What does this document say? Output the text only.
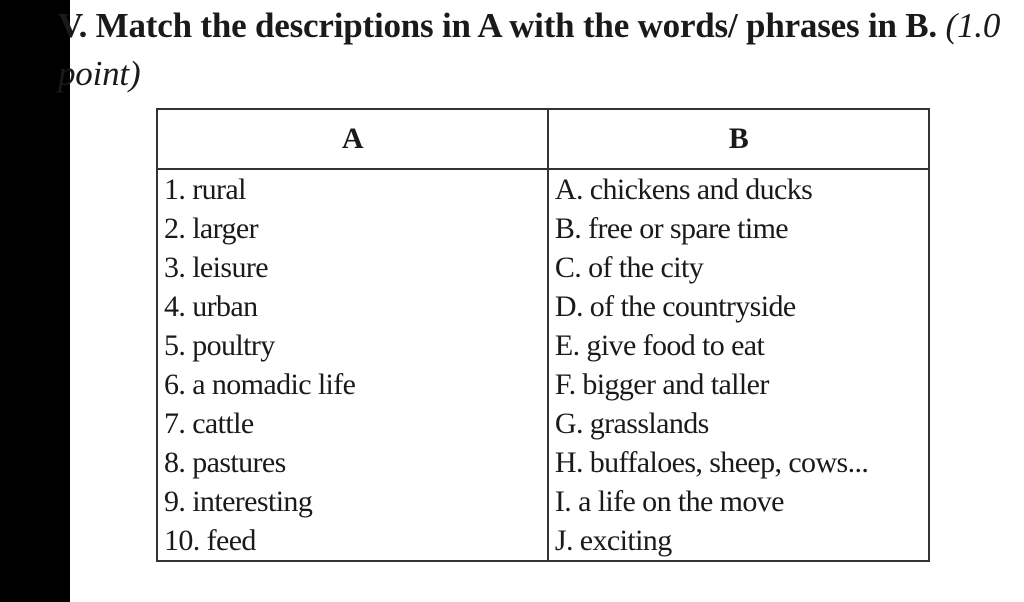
V. Match the descriptions in A with the words/ phrases in B. (1.0 point)
A	B
1. rural	A. chickens and ducks
2. larger	B. free or spare time
3. leisure	C. of the city
4. urban	D. of the countryside
5. poultry	E. give food to eat
6. a nomadic life	F. bigger and taller
7. cattle	G. grasslands
8. pastures	H. buffaloes, sheep, cows...
9. interesting	I. a life on the move
10. feed	J. exciting
